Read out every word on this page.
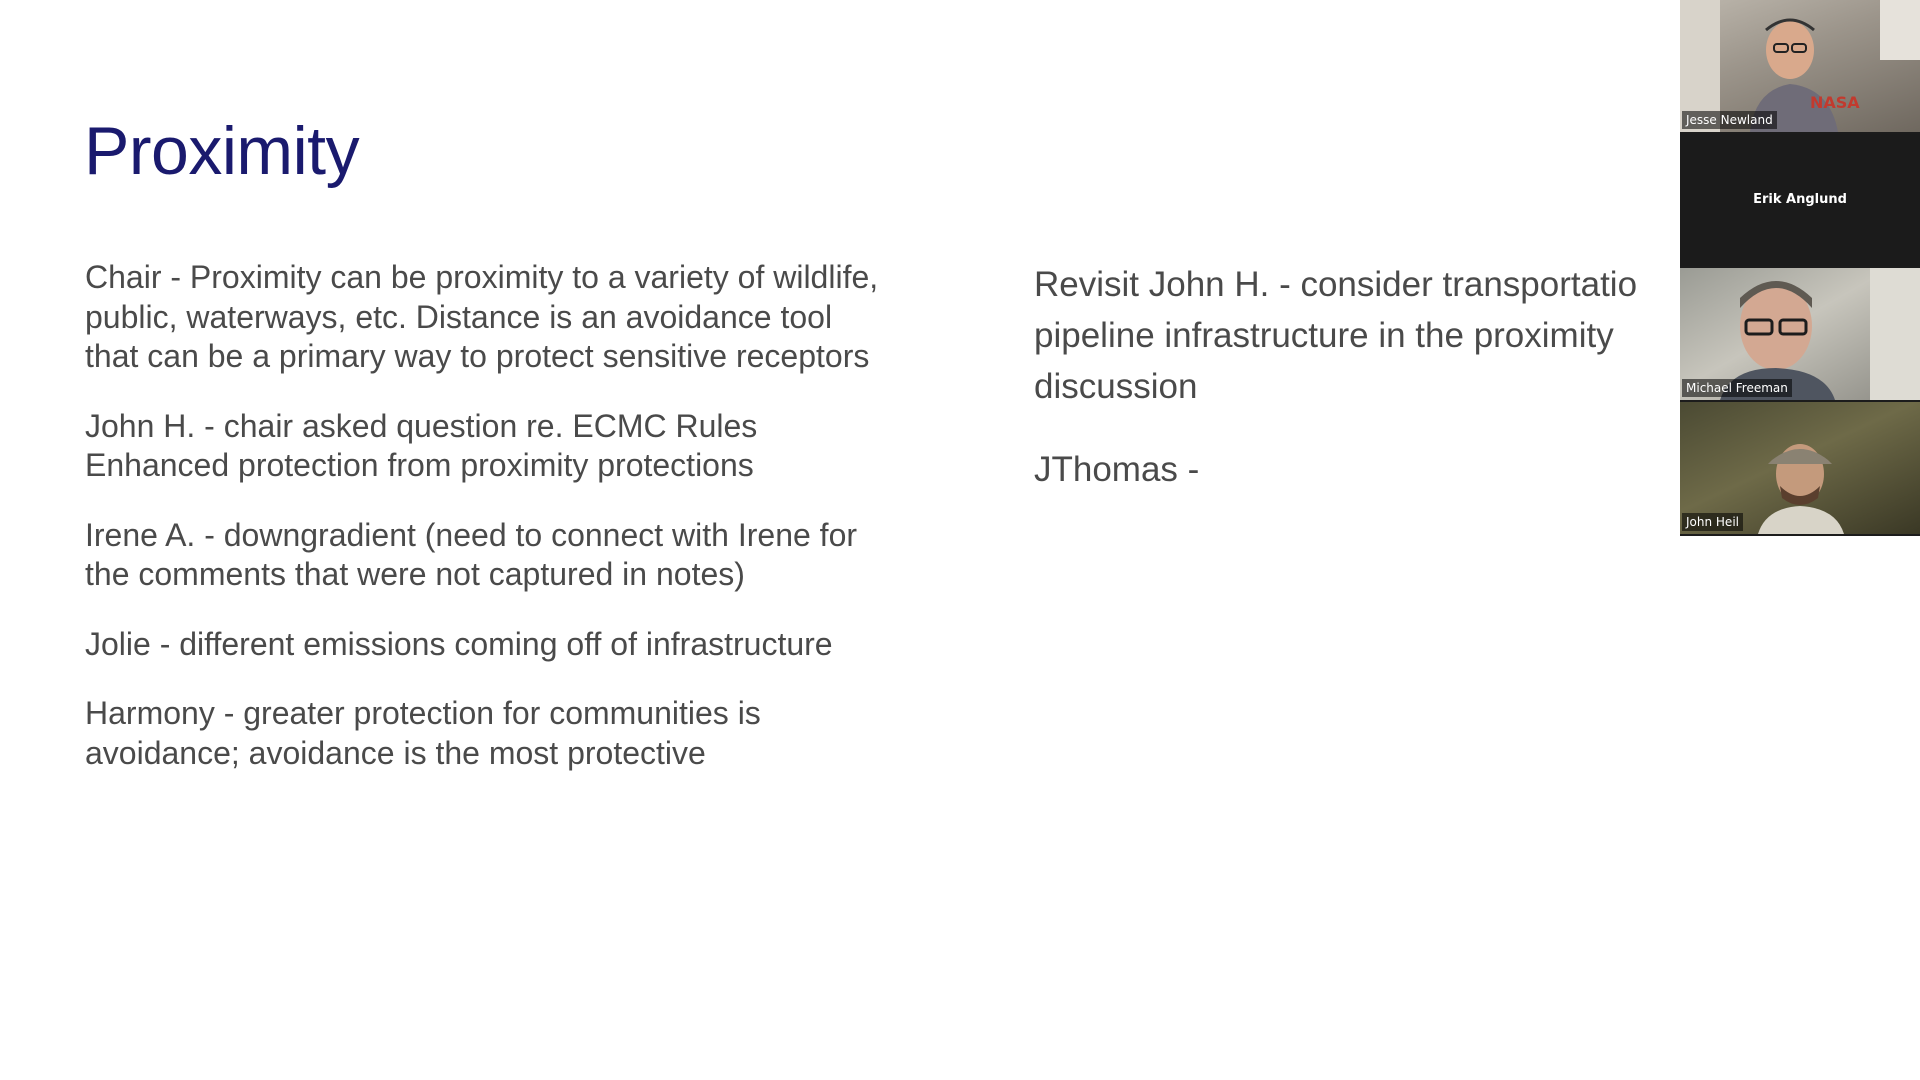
Proximity

Chair - Proximity can be proximity to a variety of wildlife, public, waterways, etc. Distance is an avoidance tool that can be a primary way to protect sensitive receptors

John H. - chair asked question re. ECMC Rules Enhanced protection from proximity protections

Irene A. - downgradient (need to connect with Irene for the comments that were not captured in notes)

Jolie - different emissions coming off of infrastructure

Harmony - greater protection for communities is avoidance; avoidance is the most protective

Revisit John H. - consider transportatio
pipeline infrastructure in the proximity
discussion

JThomas -

NASA
Jesse Newland
Erik Anglund
Michael Freeman
John Heil
